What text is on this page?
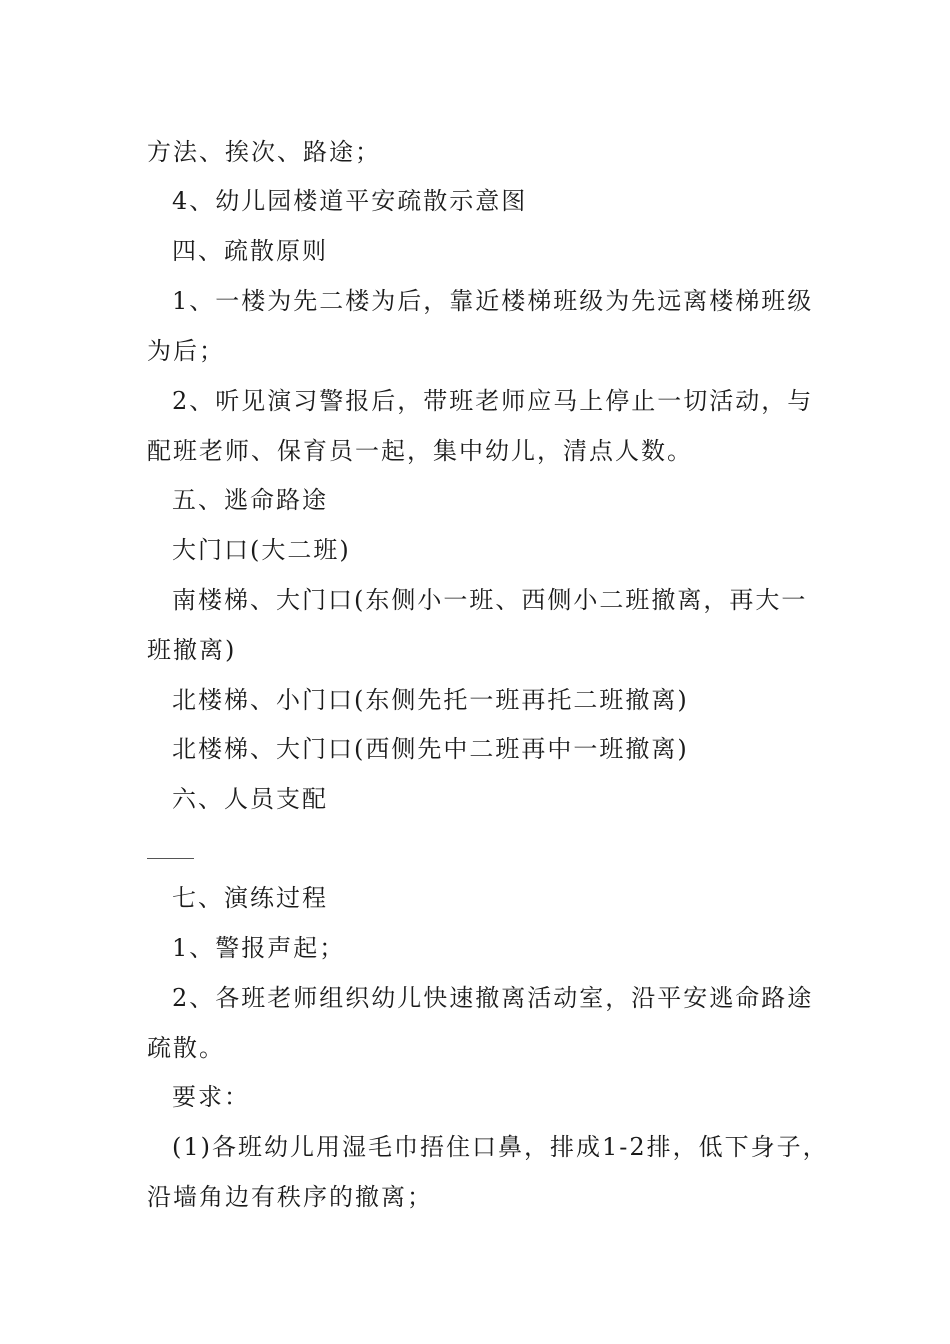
方法、挨次、路途；
4、幼儿园楼道平安疏散示意图
四、疏散原则
1、一楼为先二楼为后，靠近楼梯班级为先远离楼梯班级
为后；
2、听见演习警报后，带班老师应马上停止一切活动，与
配班老师、保育员一起，集中幼儿，清点人数。
五、逃命路途
大门口(大二班)
南楼梯、大门口(东侧小一班、西侧小二班撤离，再大一
班撤离)
北楼梯、小门口(东侧先托一班再托二班撤离)
北楼梯、大门口(西侧先中二班再中一班撤离)
六、人员支配
七、演练过程
1、警报声起；
2、各班老师组织幼儿快速撤离活动室，沿平安逃命路途
疏散。
要求：
(1)各班幼儿用湿毛巾捂住口鼻，排成1-2排，低下身子，
沿墙角边有秩序的撤离；
